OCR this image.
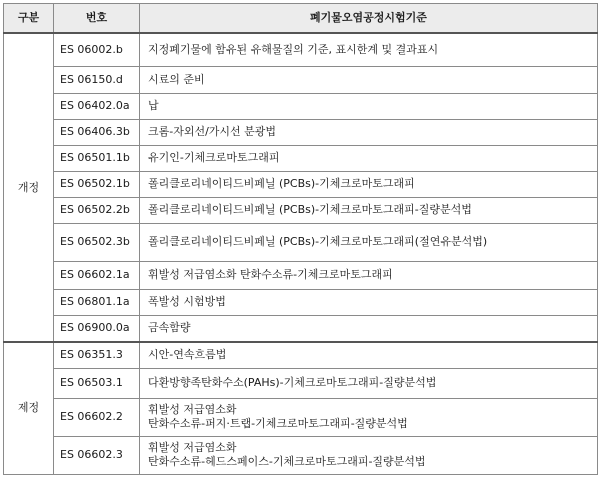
구분	번호	폐기물오염공정시험기준
개정	ES 06002.b	지정폐기물에 함유된 유해물질의 기준, 표시한계 및 결과표시
	ES 06150.d	시료의 준비
	ES 06402.0a	납
	ES 06406.3b	크롬-자외선/가시선 분광법
	ES 06501.1b	유기인-기체크로마토그래피
	ES 06502.1b	폴리클로리네이티드비페닐 (PCBs)-기체크로마토그래피
	ES 06502.2b	폴리클로리네이티드비페닐 (PCBs)-기체크로마토그래피-질량분석법
	ES 06502.3b	폴리클로리네이티드비페닐 (PCBs)-기체크로마토그래피(절연유분석법)
	ES 06602.1a	휘발성 저급염소화 탄화수소류-기체크로마토그래피
	ES 06801.1a	폭발성 시험방법
	ES 06900.0a	금속함량
제정	ES 06351.3	시안-연속흐름법
	ES 06503.1	다환방향족탄화수소(PAHs)-기체크로마토그래피-질량분석법
	ES 06602.2	휘발성 저급염소화
탄화수소류-퍼지·트랩-기체크로마토그래피-질량분석법

	ES 06602.3	휘발성 저급염소화
탄화수소류-헤드스페이스-기체크로마토그래피-질량분석법
